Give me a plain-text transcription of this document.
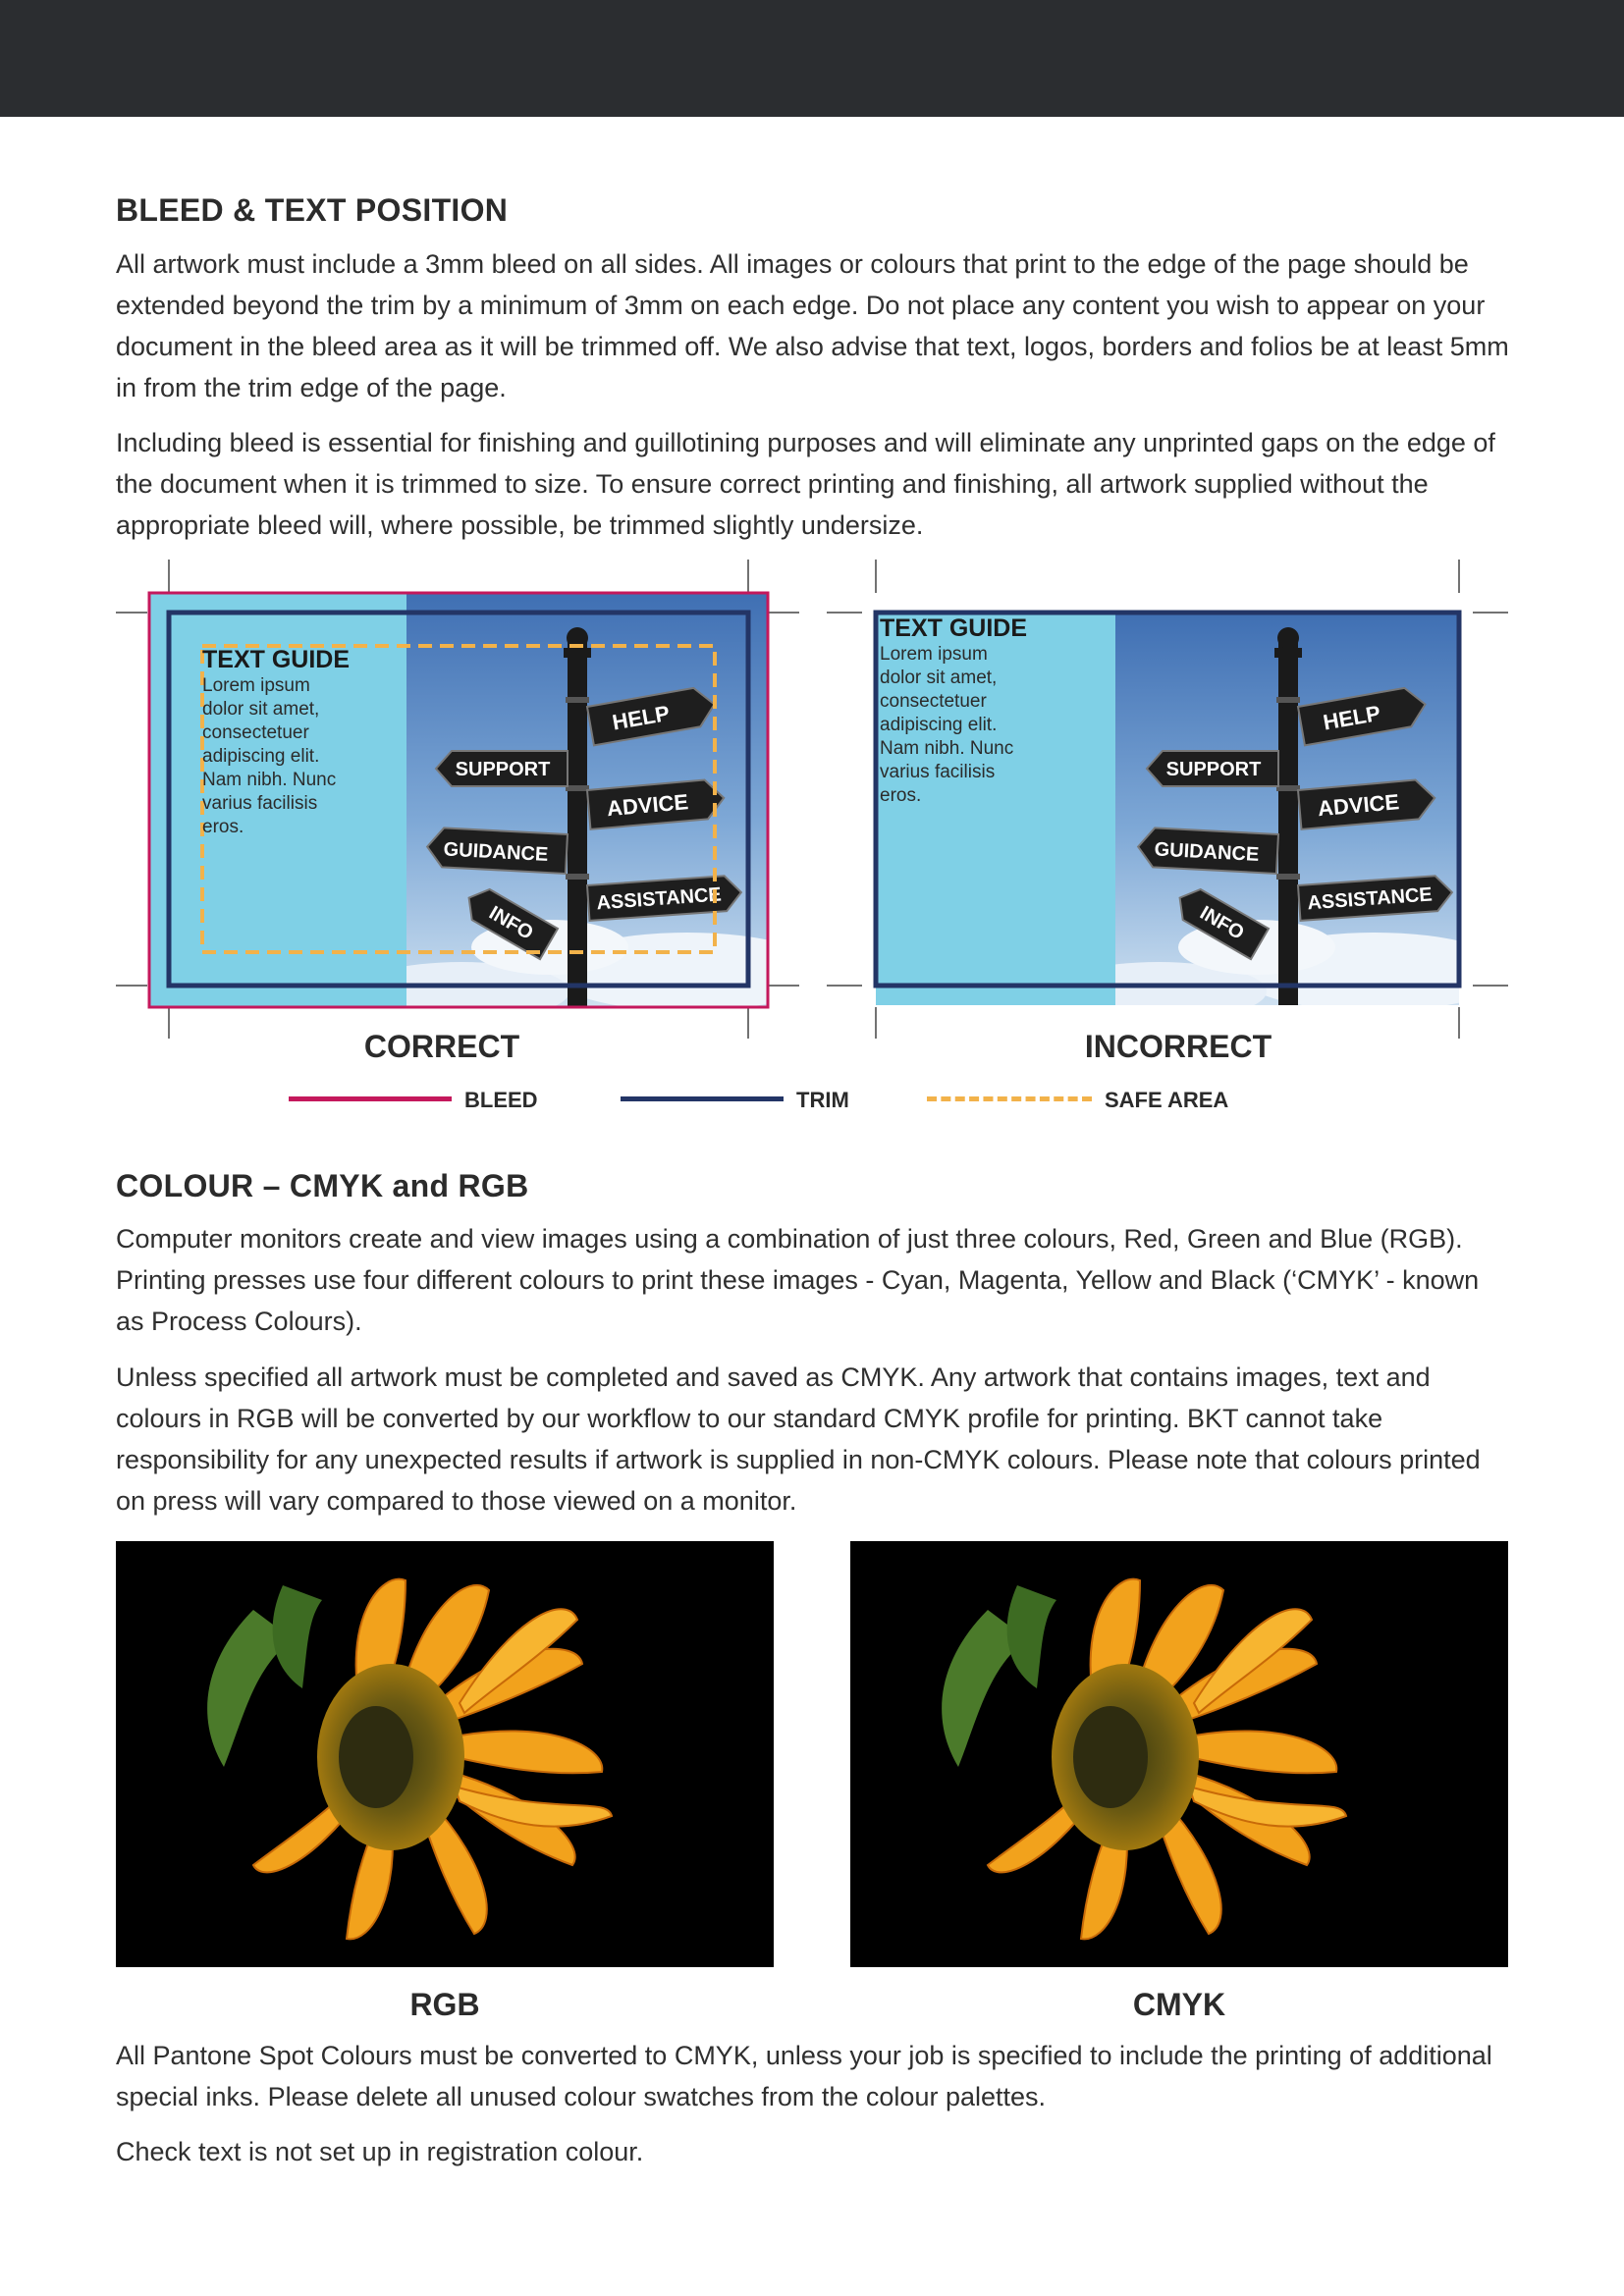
BLEED & TEXT POSITION

All artwork must include a 3mm bleed on all sides. All images or colours that print to the edge of the page should be extended beyond the trim by a minimum of 3mm on each edge. Do not place any content you wish to appear on your document in the bleed area as it will be trimmed off. We also advise that text, logos, borders and folios be at least 5mm in from the trim edge of the page.

Including bleed is essential for finishing and guillotining purposes and will eliminate any unprinted gaps on the edge of the document when it is trimmed to size. To ensure correct printing and finishing, all artwork supplied without the appropriate bleed will, where possible, be trimmed slightly undersize.

HELP
ADVICE
ASSISTANCE
TEXT GUIDE
Lorem ipsum
dolor sit amet,
consectetuer
adipiscing elit.
Nam nibh. Nunc
varius facilisis
eros.
TEXT GUIDE
Lorem ipsum
dolor sit amet,
consectetuer
adipiscing elit.
Nam nibh. Nunc
varius facilisis
eros.
CORRECT	INCORRECT
BLEED	TRIM	SAFE AREA
COLOUR – CMYK and RGB

Computer monitors create and view images using a combination of just three colours, Red, Green and Blue (RGB). Printing presses use four different colours to print these images - Cyan, Magenta, Yellow and Black (‘CMYK’ - known as Process Colours).

Unless specified all artwork must be completed and saved as CMYK. Any artwork that contains images, text and colours in RGB will be converted by our workflow to our standard CMYK profile for printing. BKT cannot take responsibility for any unexpected results if artwork is supplied in non-CMYK colours. Please note that colours printed on press will vary compared to those viewed on a monitor.

RGB	CMYK

All Pantone Spot Colours must be converted to CMYK, unless your job is specified to include the printing of additional special inks. Please delete all unused colour swatches from the colour palettes.

Check text is not set up in registration colour.
